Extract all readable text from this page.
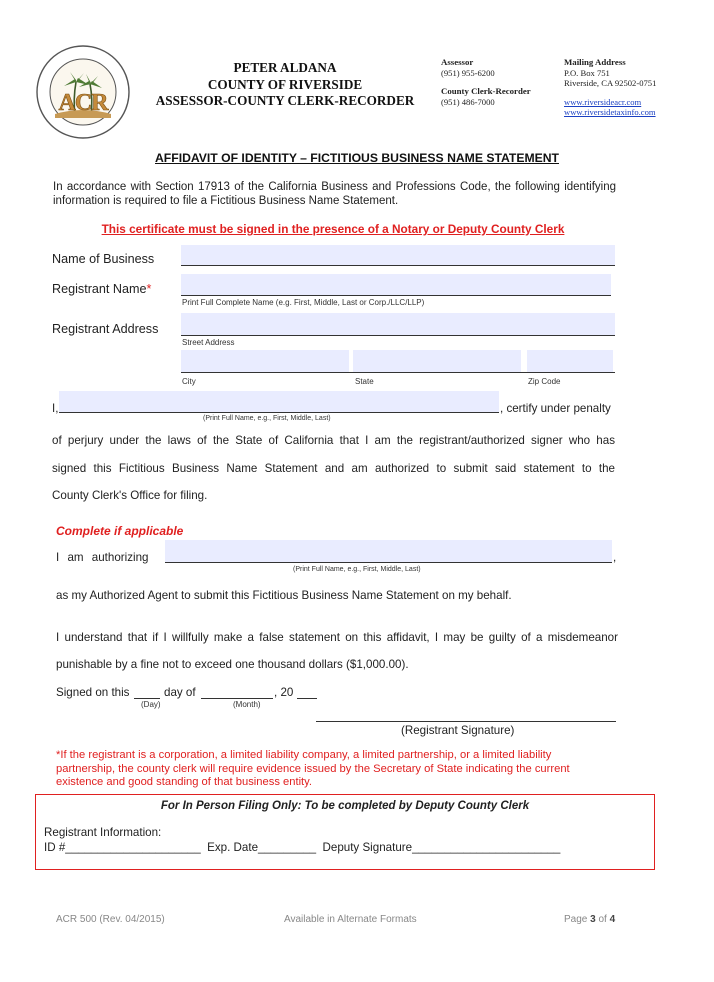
ACR
PETER ALDANA
COUNTY OF RIVERSIDE
ASSESSOR-COUNTY CLERK-RECORDER
Assessor
(951) 955-6200
County Clerk-Recorder
(951) 486-7000
Mailing Address
P.O. Box 751
Riverside, CA 92502-0751
www.riversideacr.com
www.riversidetaxinfo.com
AFFIDAVIT OF IDENTITY – FICTITIOUS BUSINESS NAME STATEMENT
In accordance with Section 17913 of the California Business and Professions Code, the following identifying information is required to file a Fictitious Business Name Statement.
This certificate must be signed in the presence of a Notary or Deputy County Clerk
Name of Business
Registrant Name*
Print Full Complete Name (e.g. First, Middle, Last or Corp./LLC/LLP)
Registrant Address
Street Address
City	State	Zip Code
I,	, certify under penalty
(Print Full Name, e.g., First, Middle, Last)
of perjury under the laws of the State of California that I am the registrant/authorized signer who has
signed this Fictitious Business Name Statement and am authorized to submit said statement to the
County Clerk's Office for filing.
Complete if applicable
I am authorizing	,
(Print Full Name, e.g., First, Middle, Last)
as my Authorized Agent to submit this Fictitious Business Name Statement on my behalf.
I understand that if I willfully make a false statement on this affidavit, I may be guilty of a misdemeanor
punishable by a fine not to exceed one thousand dollars ($1,000.00).
Signed on this	day of	, 20
(Day)	(Month)
(Registrant Signature)
*If the registrant is a corporation, a limited liability company, a limited partnership, or a limited liability partnership, the county clerk will require evidence issued by the Secretary of State indicating the current existence and good standing of that business entity.
For In Person Filing Only: To be completed by Deputy County Clerk
Registrant Information:
ID #_____________________  Exp. Date_________  Deputy Signature_______________________
ACR 500 (Rev. 04/2015)	Available in Alternate Formats	Page 3 of 4
